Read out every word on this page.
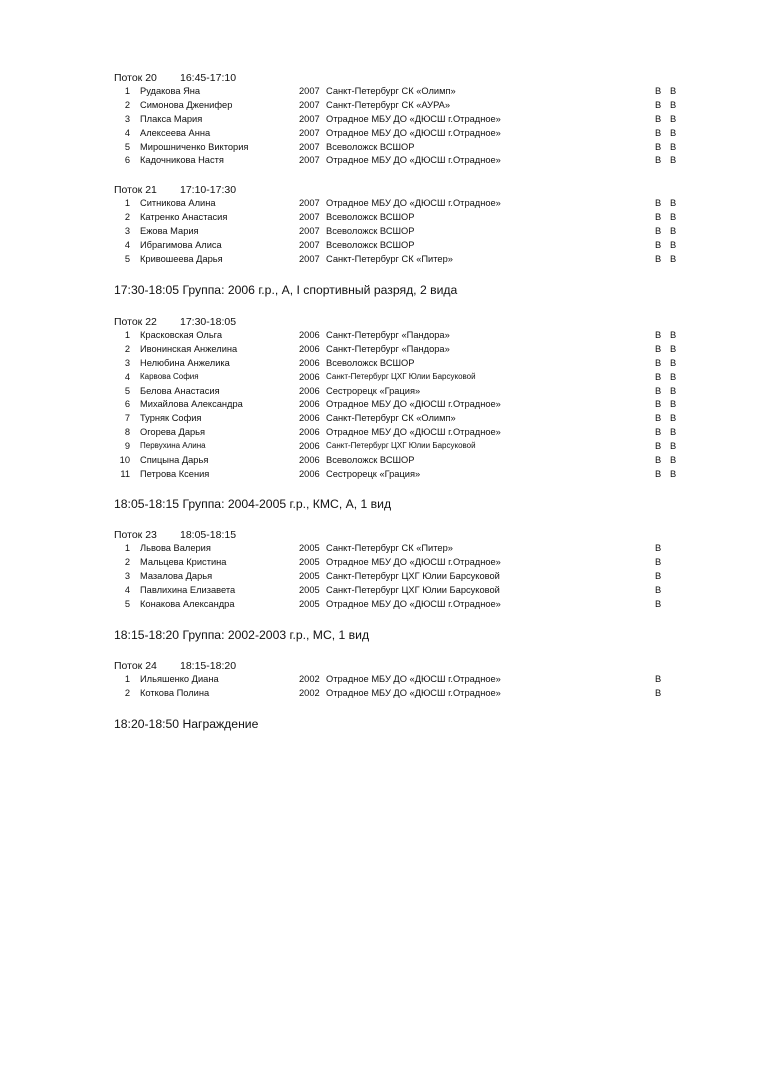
Поток 20 16:45-17:10
1 Рудакова Яна	2007 Санкт-Петербург СК «Олимп»	В В
2 Симонова Дженифер	2007 Санкт-Петербург СК «АУРА»	В В
3 Плакса Мария	2007 Отрадное МБУ ДО «ДЮСШ г.Отрадное»	В В
4 Алексеева Анна	2007 Отрадное МБУ ДО «ДЮСШ г.Отрадное»	В В
5 Мирошниченко Виктория	2007 Всеволожск ВСШОР	В В
6 Кадочникова Настя	2007 Отрадное МБУ ДО «ДЮСШ г.Отрадное»	В В
Поток 21 17:10-17:30
1 Ситникова Алина	2007 Отрадное МБУ ДО «ДЮСШ г.Отрадное»	В В
2 Катренко Анастасия	2007 Всеволожск ВСШОР	В В
3 Ежова Мария	2007 Всеволожск ВСШОР	В В
4 Ибрагимова Алиса	2007 Всеволожск ВСШОР	В В
5 Кривошеева Дарья	2007 Санкт-Петербург СК «Питер»	В В
17:30-18:05 Группа: 2006 г.р., А, I спортивный разряд, 2 вида
Поток 22 17:30-18:05
1 Красковская Ольга	2006 Санкт-Петербург «Пандора»	В В
2 Ивонинская Анжелина	2006 Санкт-Петербург «Пандора»	В В
3 Нелюбина Анжелика	2006 Всеволожск ВСШОР	В В
4 Карвова София	2006 Санкт-Петербург ЦХГ Юлии Барсуковой	В В
5 Белова Анастасия	2006 Сестрорецк «Грация»	В В
6 Михайлова Александра	2006 Отрадное МБУ ДО «ДЮСШ г.Отрадное»	В В
7 Турняк София	2006 Санкт-Петербург СК «Олимп»	В В
8 Огорева Дарья	2006 Отрадное МБУ ДО «ДЮСШ г.Отрадное»	В В
9 Первухина Алина	2006 Санкт-Петербург ЦХГ Юлии Барсуковой	В В
10 Спицына Дарья	2006 Всеволожск ВСШОР	В В
11 Петрова Ксения	2006 Сестрорецк «Грация»	В В
18:05-18:15 Группа: 2004-2005 г.р., КМС, А, 1 вид
Поток 23 18:05-18:15
1 Львова Валерия	2005 Санкт-Петербург СК «Питер»	В
2 Мальцева Кристина	2005 Отрадное МБУ ДО «ДЮСШ г.Отрадное»	В
3 Мазалова Дарья	2005 Санкт-Петербург ЦХГ Юлии Барсуковой	В
4 Павлихина Елизавета	2005 Санкт-Петербург ЦХГ Юлии Барсуковой	В
5 Конакова Александра	2005 Отрадное МБУ ДО «ДЮСШ г.Отрадное»	В
18:15-18:20 Группа: 2002-2003 г.р., МС, 1 вид
Поток 24 18:15-18:20
1 Ильяшенко Диана	2002 Отрадное МБУ ДО «ДЮСШ г.Отрадное»	В
2 Коткова Полина	2002 Отрадное МБУ ДО «ДЮСШ г.Отрадное»	В
18:20-18:50 Награждение
